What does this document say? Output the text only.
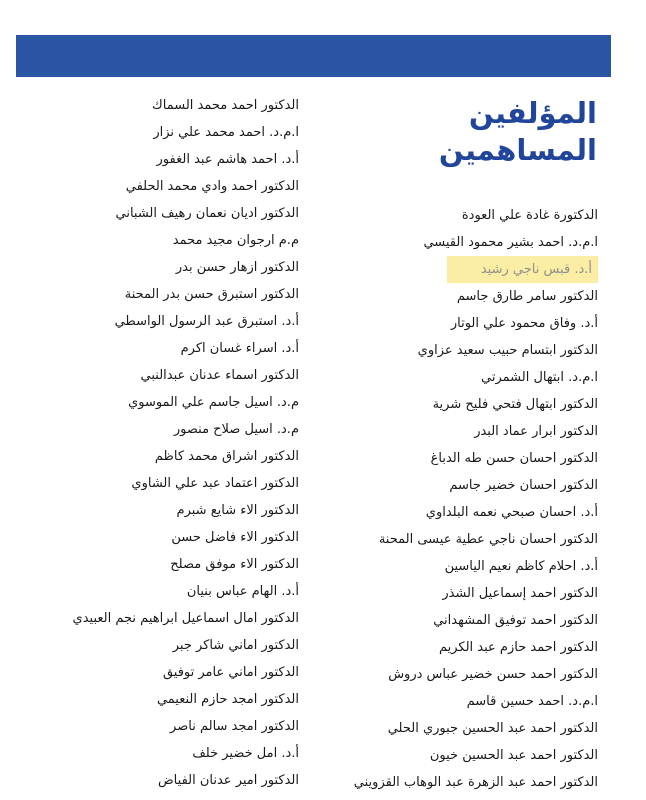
المؤلفين
المساهمين
الدكتور احمد محمد السماك
ا.م.د. احمد محمد علي نزار
أ.د. احمد هاشم عبد الغفور
الدكتور احمد وادي محمد الحلفي
الدكتور اديان نعمان رهيف الشباني
م.م ارجوان مجيد محمد
الدكتور ازهار حسن بدر
الدكتور استبرق حسن بدر المحنة
أ.د. استبرق عبد الرسول الواسطي
أ.د. اسراء غسان اكرم
الدكتور اسماء عدنان عبدالنبي
م.د. اسيل جاسم علي الموسوي
م.د. اسيل صلاح منصور
الدكتور اشراق محمد كاظم
الدكتور اعتماد عبد علي الشاوي
الدكتور الاء شايع شبرم
الدكتور الاء فاضل حسن
الدكتور الاء موفق مصلح
أ.د. الهام عباس بنيان
الدكتور امال اسماعيل ابراهيم نجم العبيدي
الدكتور اماني شاكر جبر
الدكتور اماني عامر توفيق
الدكتور امجد حازم النعيمي
الدكتور امجد سالم ناصر
أ.د. امل خضير خلف
الدكتور امير عدنان الفياض
الدكتورة غادة علي العودة
ا.م.د. احمد بشير محمود القيسي
أ.د. قبس ناجي رشيد
الدكتور سامر طارق جاسم
أ.د. وفاق محمود علي الوتار
الدكتور ابتسام حبيب سعيد عزاوي
ا.م.د. ابتهال الشمرتي
الدكتور ابتهال فتحي فليح شرية
الدكتور ابرار عماد البدر
الدكتور احسان حسن طه الدباغ
الدكتور احسان خضير جاسم
أ.د. احسان صبحي نعمه البلداوي
الدكتور احسان ناجي عطية عيسى المحنة
أ.د. احلام كاظم نعيم الياسين
الدكتور احمد إسماعيل الشذر
الدكتور احمد توفيق المشهداني
الدكتور احمد حازم عبد الكريم
الدكتور احمد حسن خضير عباس دروش
ا.م.د. احمد حسين قاسم
الدكتور احمد عبد الحسين جبوري الحلي
الدكتور احمد عبد الحسين خيون
الدكتور احمد عبد الزهرة عبد الوهاب القزويني
